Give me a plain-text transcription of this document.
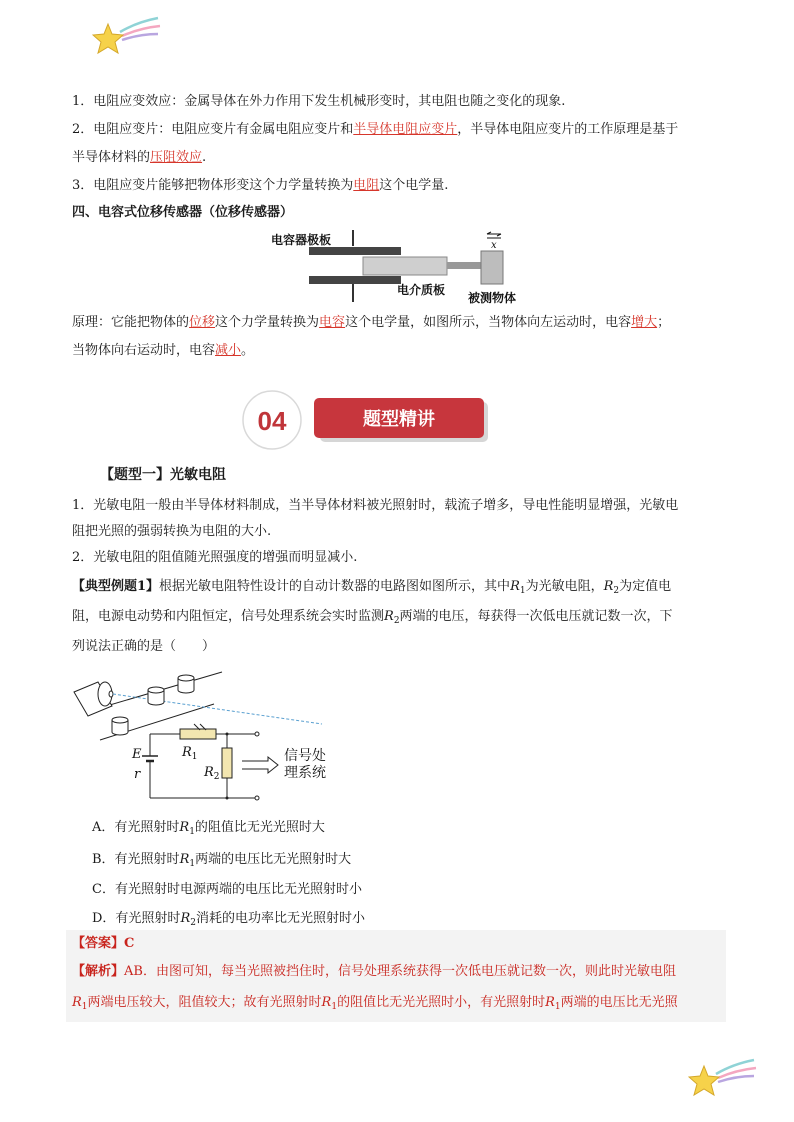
1．电阻应变效应：金属导体在外力作用下发生机械形变时，其电阻也随之变化的现象.
2．电阻应变片：电阻应变片有金属电阻应变片和半导体电阻应变片，半导体电阻应变片的工作原理是基于
半导体材料的压阻效应.
3．电阻应变片能够把物体形变这个力学量转换为电阻这个电学量.
四、电容式位移传感器（位移传感器）
电容器极板	x
电介质板
被测物体
原理：它能把物体的位移这个力学量转换为电容这个电学量，如图所示，当物体向左运动时，电容增大；
当物体向右运动时，电容减小。
04	题型精讲
【题型一】光敏电阻
1．光敏电阻一般由半导体材料制成，当半导体材料被光照射时，载流子增多，导电性能明显增强，光敏电
阻把光照的强弱转换为电阻的大小.
2．光敏电阻的阻值随光照强度的增强而明显减小.
【典型例题1】根据光敏电阻特性设计的自动计数器的电路图如图所示，其中$R_1$为光敏电阻，$R_2$为定值电
阻，电源电动势和内阻恒定，信号处理系统会实时监测$R_2$两端的电压，每获得一次低电压就记数一次，下
列说法正确的是（　　）
E
r
$R_1$
$R_2$
信号处
理系统
A．有光照射时$R_1$的阻值比无光光照时大
B．有光照射时$R_1$两端的电压比无光照射时大
C．有光照射时电源两端的电压比无光照射时小
D．有光照射时$R_2$消耗的电功率比无光照射时小
【答案】C
【解析】AB．由图可知，每当光照被挡住时，信号处理系统获得一次低电压就记数一次，则此时光敏电阻
$R_1$两端电压较大，阻值较大；故有光照射时$R_1$的阻值比无光光照时小，有光照射时$R_1$两端的电压比无光照
